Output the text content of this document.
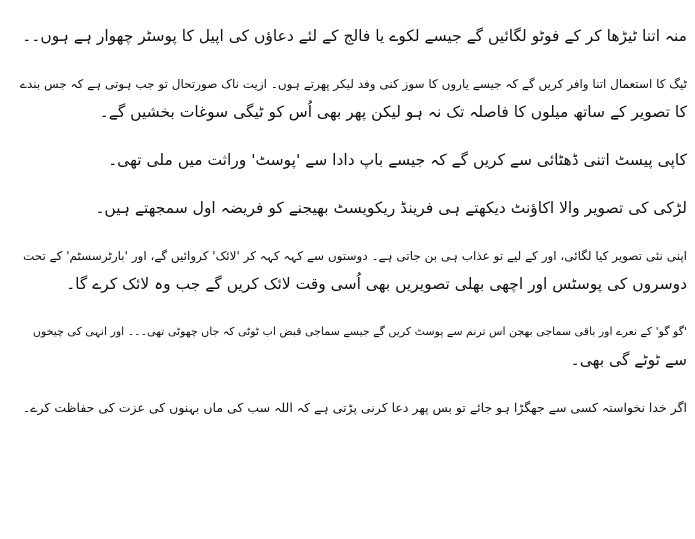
منہ اتنا ٹیڑھا کر کے فوٹو لگائیں گے جیسے لکوے یا فالج کے لئے دعاؤں کی اپیل کا پوسٹر چھوار ہے ہوں۔۔

ٹیگ کا استعمال اتنا وافر کریں گے کہ جیسے یاروں کا سوز کنی وفد لیکر پھرتے ہوں۔ ازیت ناک صورتحال تو جب ہوتی ہے کہ جس بندے
کا تصویر کے ساتھ میلوں کا فاصلہ تک نہ ہو لیکن پھر بھی اُس کو ٹیگی سوغات بخشیں گے۔

کاپی پیسٹ اتنی ڈھٹائی سے کریں گے کہ جیسے باپ دادا سے 'پوسٹ' وراثت میں ملی تھی۔

لڑکی کی تصویر والا اکاؤنٹ دیکھتے ہی فرینڈ ریکویسٹ بھیجنے کو فریضہ اول سمجھتے ہیں۔

اپنی نئی تصویر کیا لگائی، اور کے لیے تو عذاب ہی بن جاتی ہے۔ دوستوں سے کہہ کہہ کر 'لائک' کروائیں گے، اور 'بارٹرسسٹم' کے تحت
دوسروں کی پوسٹس اور اچھی بھلی تصویریں بھی اُسی وقت لائک کریں گے جب وہ لائک کرے گا۔

'گو گو' کے نعرے اور باقی سماجی بھجن اس ترنم سے پوسٹ کریں گے جیسے سماجی قبض اب ٹوٹی کہ جاں چھوٹی تھی۔۔۔ اور انہی کی چیخوں
سے ٹوٹے گی بھی۔

اگر خدا نخواستہ کسی سے جھگڑا ہو جائے تو بس پھر دعا کرنی پڑتی ہے کہ اللہ سب کی ماں بہنوں کی عزت کی حفاظت کرے۔
